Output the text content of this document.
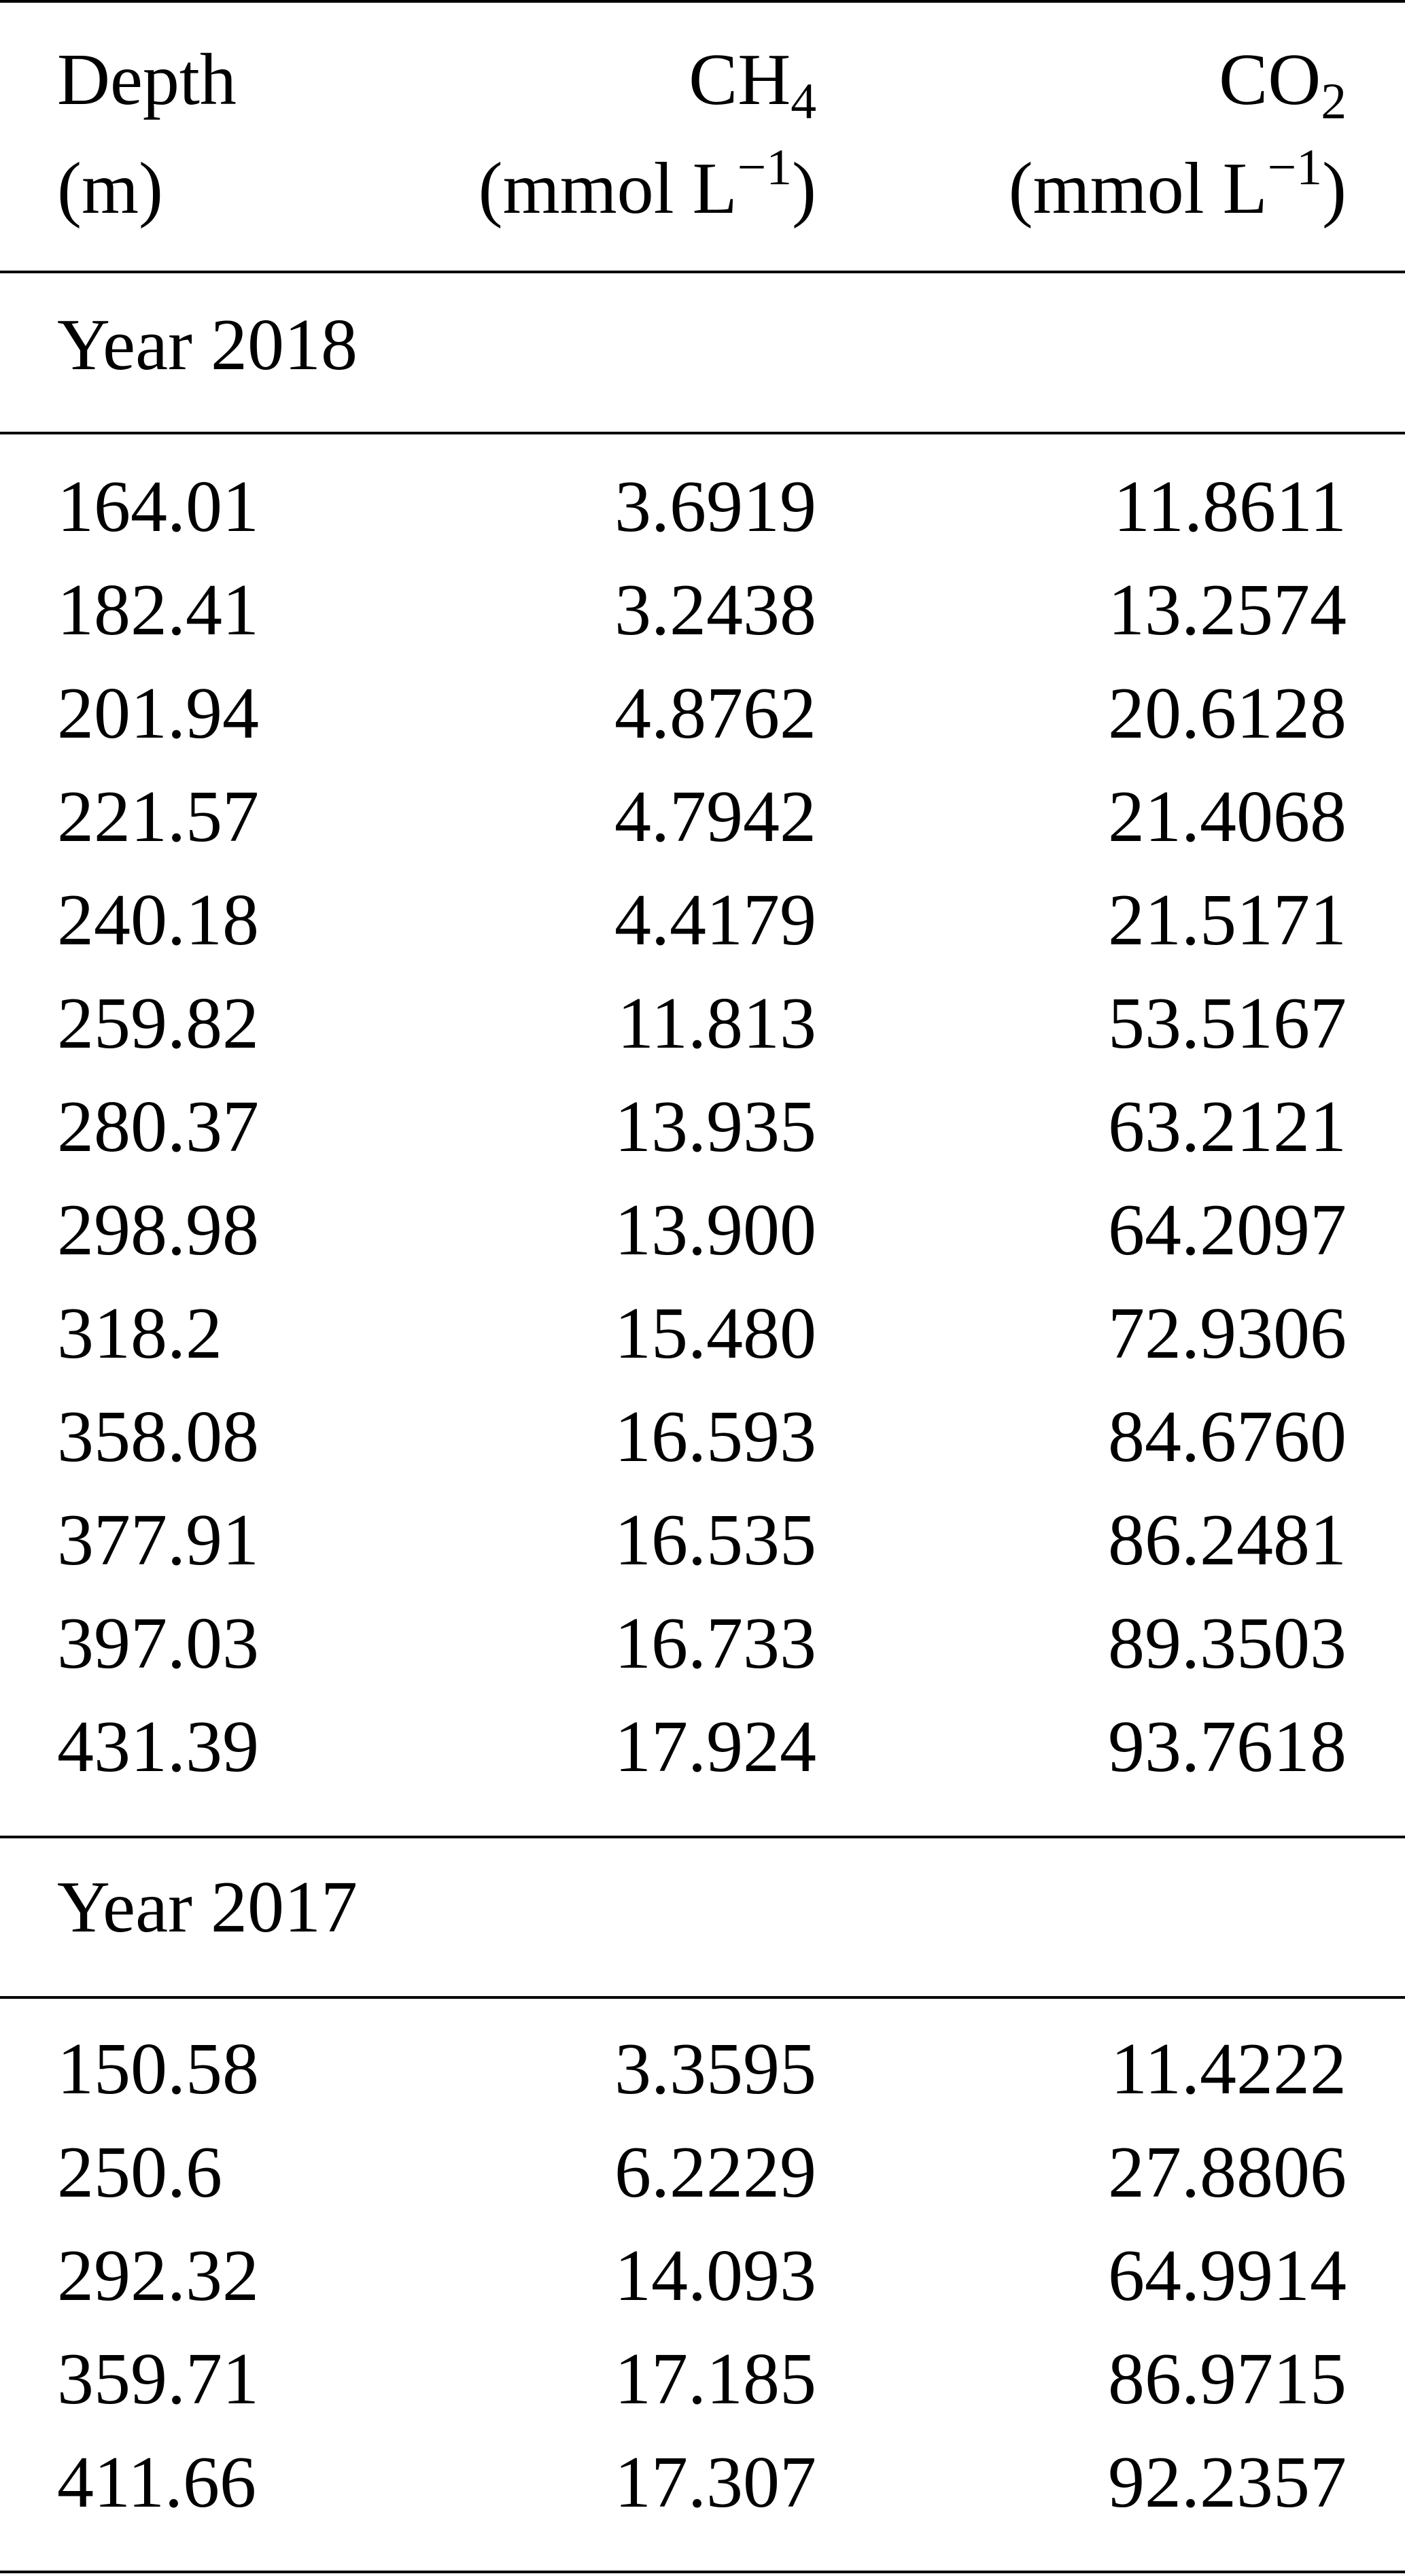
Depth	$CH_4$	$CO_2$
(m)	(mmol $L^{-1}$)	(mmol $L^{-1}$)
Year 2018
164.01	3.6919	11.8611
182.41	3.2438	13.2574
201.94	4.8762	20.6128
221.57	4.7942	21.4068
240.18	4.4179	21.5171
259.82	11.813	53.5167
280.37	13.935	63.2121
298.98	13.900	64.2097
318.2	15.480	72.9306
358.08	16.593	84.6760
377.91	16.535	86.2481
397.03	16.733	89.3503
431.39	17.924	93.7618
Year 2017
150.58	3.3595	11.4222
250.6	6.2229	27.8806
292.32	14.093	64.9914
359.71	17.185	86.9715
411.66	17.307	92.2357
